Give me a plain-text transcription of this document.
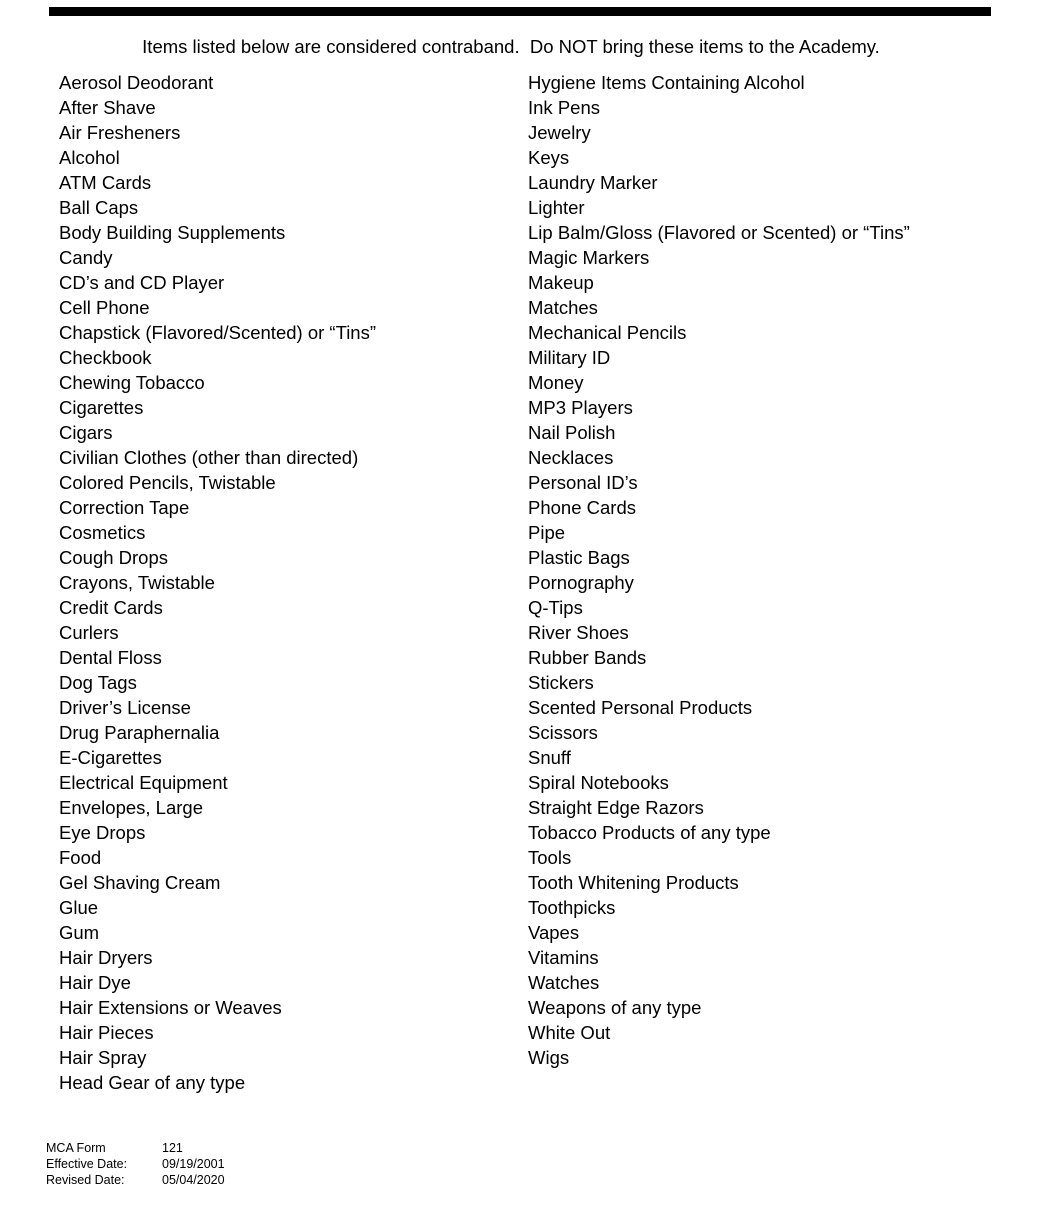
Items listed below are considered contraband.  Do NOT bring these items to the Academy.
Aerosol Deodorant
After Shave
Air Fresheners
Alcohol
ATM Cards
Ball Caps
Body Building Supplements
Candy
CD’s and CD Player
Cell Phone
Chapstick (Flavored/Scented) or “Tins”
Checkbook
Chewing Tobacco
Cigarettes
Cigars
Civilian Clothes (other than directed)
Colored Pencils, Twistable
Correction Tape
Cosmetics
Cough Drops
Crayons, Twistable
Credit Cards
Curlers
Dental Floss
Dog Tags
Driver’s License
Drug Paraphernalia
E-Cigarettes
Electrical Equipment
Envelopes, Large
Eye Drops
Food
Gel Shaving Cream
Glue
Gum
Hair Dryers
Hair Dye
Hair Extensions or Weaves
Hair Pieces
Hair Spray
Head Gear of any type
Hygiene Items Containing Alcohol
Ink Pens
Jewelry
Keys
Laundry Marker
Lighter
Lip Balm/Gloss (Flavored or Scented) or “Tins”
Magic Markers
Makeup
Matches
Mechanical Pencils
Military ID
Money
MP3 Players
Nail Polish
Necklaces
Personal ID’s
Phone Cards
Pipe
Plastic Bags
Pornography
Q-Tips
River Shoes
Rubber Bands
Stickers
Scented Personal Products
Scissors
Snuff
Spiral Notebooks
Straight Edge Razors
Tobacco Products of any type
Tools
Tooth Whitening Products
Toothpicks
Vapes
Vitamins
Watches
Weapons of any type
White Out
Wigs
MCA Form	121
Effective Date:	09/19/2001
Revised Date:	05/04/2020
